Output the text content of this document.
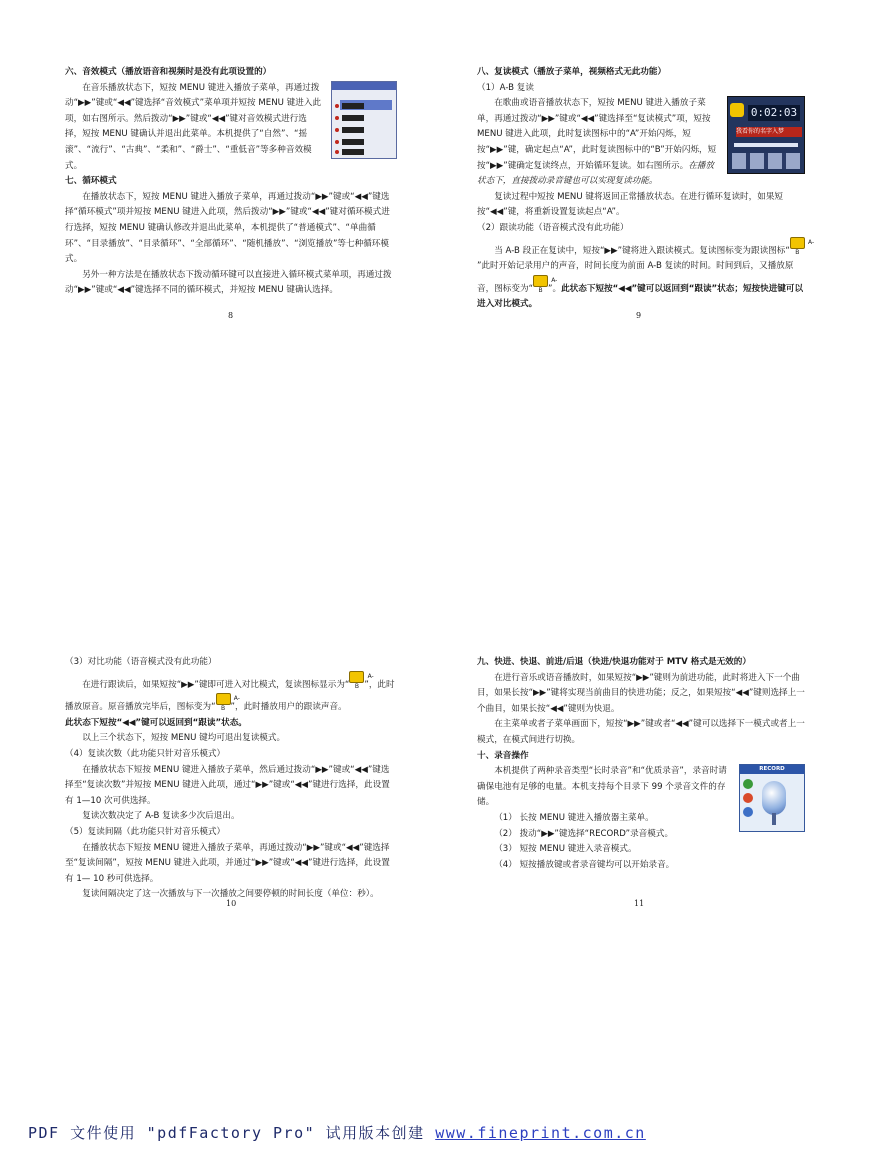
六、音效模式（播放语音和视频时是没有此项设置的）

在音乐播放状态下，短按 MENU 键进入播放子菜单，再通过拨动“▶▶”键或“◀◀”键选择“音效模式”菜单项并短按 MENU 键进入此项，如右图所示。然后拨动“▶▶”键或“◀◀”键对音效模式进行选择，短按 MENU 键确认并退出此菜单。本机提供了“自然”、“摇滚”、“流行”、“古典”、“柔和”、“爵士”、“重低音”等多种音效模式。

七、循环模式

在播放状态下，短按 MENU 键进入播放子菜单，再通过拨动“▶▶”键或“◀◀”键选择“循环模式”项并短按 MENU 键进入此项，然后拨动“▶▶”键或“◀◀”键对循环模式进行选择，短按 MENU 键确认修改并退出此菜单，本机提供了“普通模式”、“单曲循环”、“目录播放”、“目录循环”、“全部循环”、“随机播放”、“浏览播放”等七种循环模式。

另外一种方法是在播放状态下拨动循环键可以直接进入循环模式菜单项，再通过拨动“▶▶”键或“◀◀”键选择不同的循环模式，并短按 MENU 键确认选择。

8

八、复读模式（播放子菜单，视频格式无此功能）

（1）A-B 复读

0:02:03
我看你的名字入梦

在歌曲或语音播放状态下，短按 MENU 键进入播放子菜单，再通过拨动“▶▶”键或“◀◀”键选择至“复读模式”项，短按 MENU 键进入此项，此时复读图标中的“A”开始闪烁，短按“▶▶”键，确定起点“A”，此时复读图标中的“B”开始闪烁，短按“▶▶”键确定复读终点，开始循环复读。如右图所示。在播放状态下，直接拨动录音键也可以实现复读功能。

复读过程中短按 MENU 键将返回正常播放状态。在进行循环复读时，如果短按“◀◀”键，将重新设置复读起点“A”。

（2）跟读功能（语音模式没有此功能）

当 A-B 段正在复读中，短按“▶▶”键将进入跟读模式。复读图标变为跟读图标“A-B”此时开始记录用户的声音，时间长度为前面 A-B 复读的时间。时间到后，又播放原音，图标变为“A-B ”。此状态下短按“◀◀”键可以返回到“跟读”状态；短按快进键可以进入对比模式。

9

（3）对比功能（语音模式没有此功能）

在进行跟读后，如果短按“▶▶”键即可进入对比模式，复读图标显示为“A-B ”，此时播放原音。原音播放完毕后，图标变为“A-B ”，此时播放用户的跟读声音。

此状态下短按“◀◀”键可以返回到“跟读”状态。

以上三个状态下，短按 MENU 键均可退出复读模式。

（4）复读次数（此功能只针对音乐模式）

在播放状态下短按 MENU 键进入播放子菜单，然后通过拨动“▶▶”键或“◀◀”键选择至“复读次数”并短按 MENU 键进入此项，通过“▶▶”键或“◀◀”键进行选择，此设置有 1—10 次可供选择。

复读次数决定了 A-B 复读多少次后退出。

（5）复读间隔（此功能只针对音乐模式）

在播放状态下短按 MENU 键进入播放子菜单，再通过拨动“▶▶”键或“◀◀”键选择至“复读间隔”，短按 MENU 键进入此项，并通过“▶▶”键或“◀◀”键进行选择，此设置有 1— 10 秒可供选择。

复读间隔决定了这一次播放与下一次播放之间要停顿的时间长度（单位：秒）。

10

九、快进、快退、前进/后退（快进/快退功能对于 MTV 格式是无效的）

在进行音乐或语音播放时，如果短按“▶▶”键则为前进功能，此时将进入下一个曲目，如果长按“▶▶”键将实现当前曲目的快进功能；反之，如果短按“◀◀”键则选择上一个曲目，如果长按“◀◀”键则为快退。

在主菜单或者子菜单画面下，短按“▶▶”键或者“◀◀”键可以选择下一模式或者上一模式，在模式间进行切换。

十、录音操作

RECORD

本机提供了两种录音类型“长时录音”和“优质录音”，录音时请确保电池有足够的电量。本机支持每个目录下 99 个录音文件的存储。

（1） 长按 MENU 键进入播放器主菜单。

（2） 拨动“▶▶”键选择“RECORD”录音模式。

（3） 短按 MENU 键进入录音模式。

（4） 短按播放键或者录音键均可以开始录音。

11
PDF 文件使用 "pdfFactory Pro" 试用版本创建 www.fineprint.com.cn
